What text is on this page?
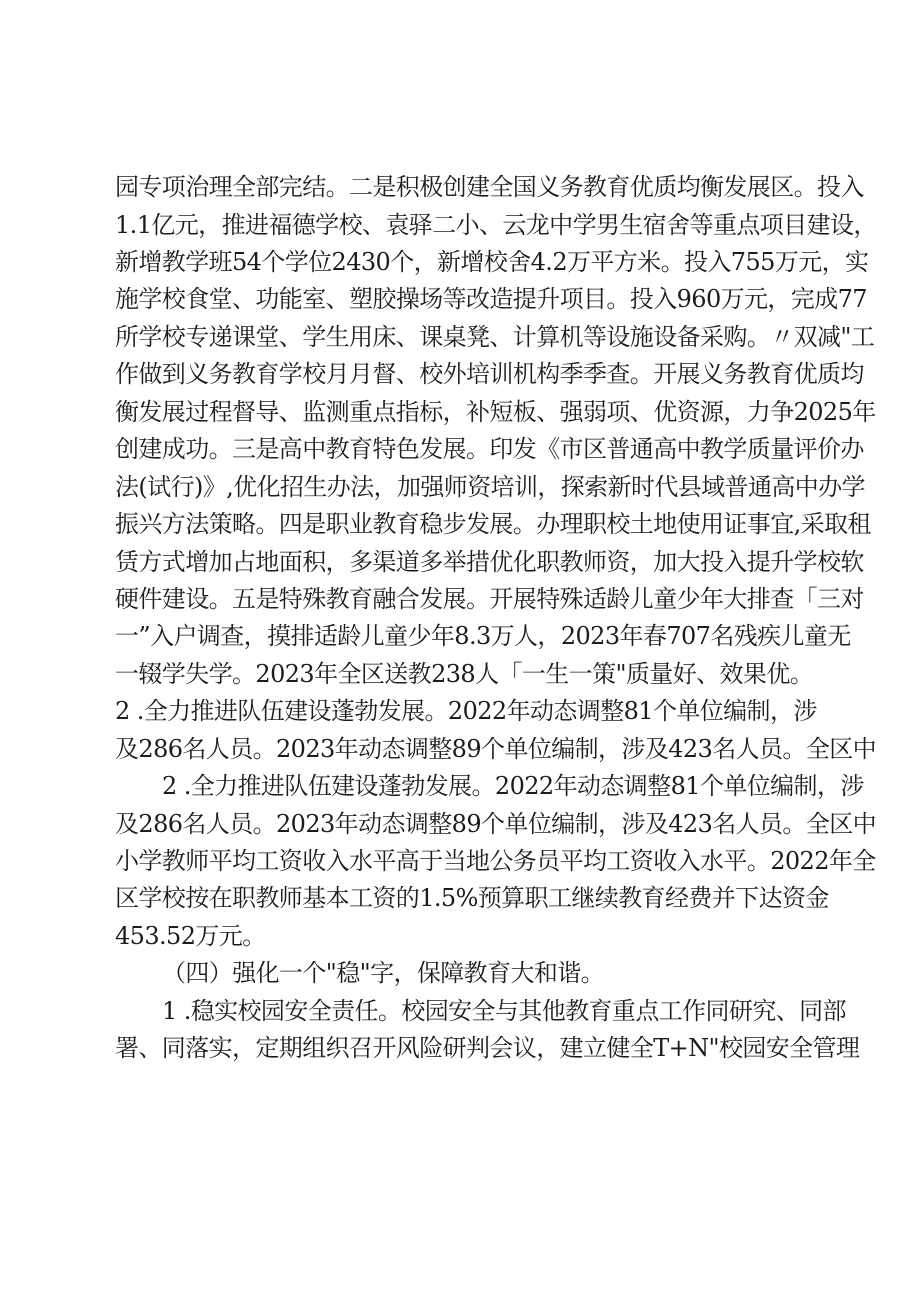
园专项治理全部完结。二是积极创建全国义务教育优质均衡发展区。投入
1.1亿元，推进福德学校、袁驿二小、云龙中学男生宿舍等重点项目建设，
新增教学班54个学位2430个，新增校舍4.2万平方米。投入755万元，实
施学校食堂、功能室、塑胶操场等改造提升项目。投入960万元，完成77
所学校专递课堂、学生用床、课桌凳、计算机等设施设备采购。〃双减"工
作做到义务教育学校月月督、校外培训机构季季查。开展义务教育优质均
衡发展过程督导、监测重点指标，补短板、强弱项、优资源，力争2025年
创建成功。三是高中教育特色发展。印发《市区普通高中教学质量评价办
法(试行)》,优化招生办法，加强师资培训，探索新时代县域普通高中办学
振兴方法策略。四是职业教育稳步发展。办理职校土地使用证事宜,采取租
赁方式增加占地面积，多渠道多举措优化职教师资，加大投入提升学校软
硬件建设。五是特殊教育融合发展。开展特殊适龄儿童少年大排查「三对
一”入户调查，摸排适龄儿童少年8.3万人，2023年春707名残疾儿童无
一辍学失学。2023年全区送教238人「一生一策"质量好、效果优。
2 .全力推进队伍建设蓬勃发展。2022年动态调整81个单位编制，涉
及286名人员。2023年动态调整89个单位编制，涉及423名人员。全区中
2 .全力推进队伍建设蓬勃发展。2022年动态调整81个单位编制，涉
及286名人员。2023年动态调整89个单位编制，涉及423名人员。全区中
小学教师平均工资收入水平高于当地公务员平均工资收入水平。2022年全
区学校按在职教师基本工资的1.5%预算职工继续教育经费并下达资金
453.52万元。
（四）强化一个"稳"字，保障教育大和谐。
1 .稳实校园安全责任。校园安全与其他教育重点工作同研究、同部
署、同落实，定期组织召开风险研判会议，建立健全T+N"校园安全管理
